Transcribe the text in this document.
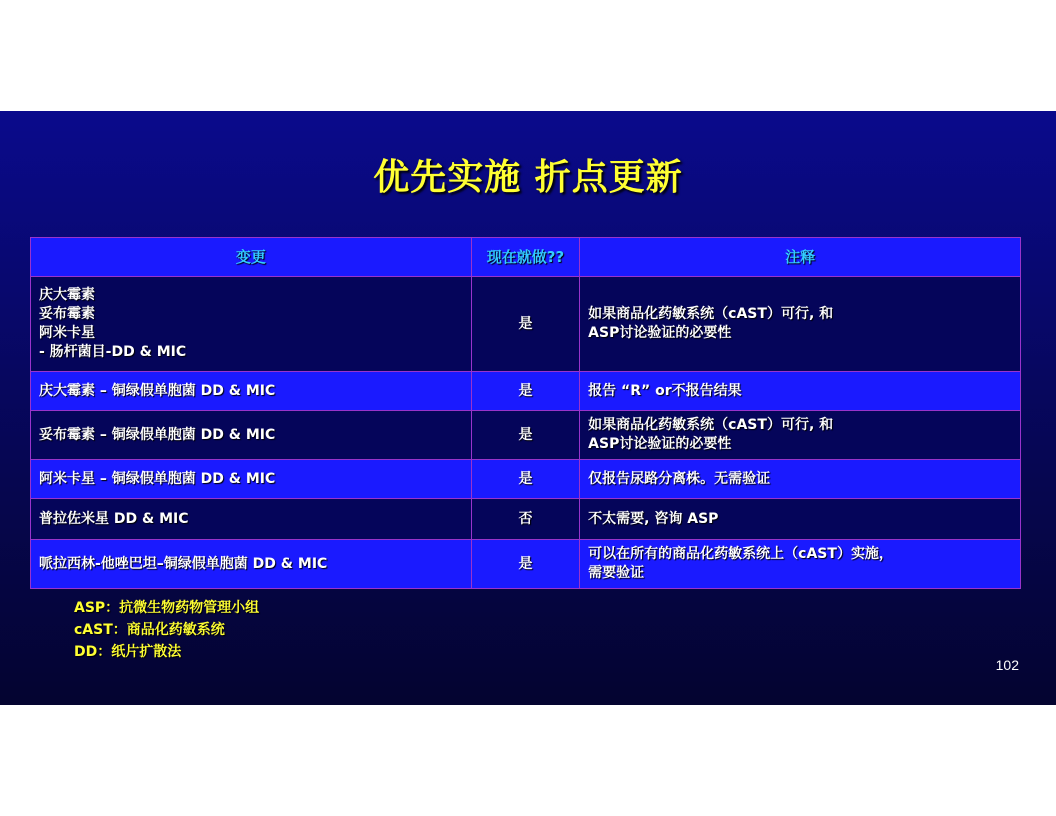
优先实施 折点更新
变更	现在就做??	注释

庆大霉素
妥布霉素
阿米卡星
- 肠杆菌目-DD & MIC	是	如果商品化药敏系统（cAST）可行, 和
ASP讨论验证的必要性

庆大霉素 – 铜绿假单胞菌 DD & MIC	是	报告 “R” or不报告结果

妥布霉素 – 铜绿假单胞菌 DD & MIC	是	如果商品化药敏系统（cAST）可行, 和
ASP讨论验证的必要性

阿米卡星 – 铜绿假单胞菌 DD & MIC	是	仅报告尿路分离株。无需验证

普拉佐米星 DD & MIC	否	不太需要, 咨询 ASP

哌拉西林-他唑巴坦–铜绿假单胞菌 DD & MIC	是	可以在所有的商品化药敏系统上（cAST）实施，
需要验证
ASP：抗微生物药物管理小组
cAST：商品化药敏系统
DD：纸片扩散法
102
